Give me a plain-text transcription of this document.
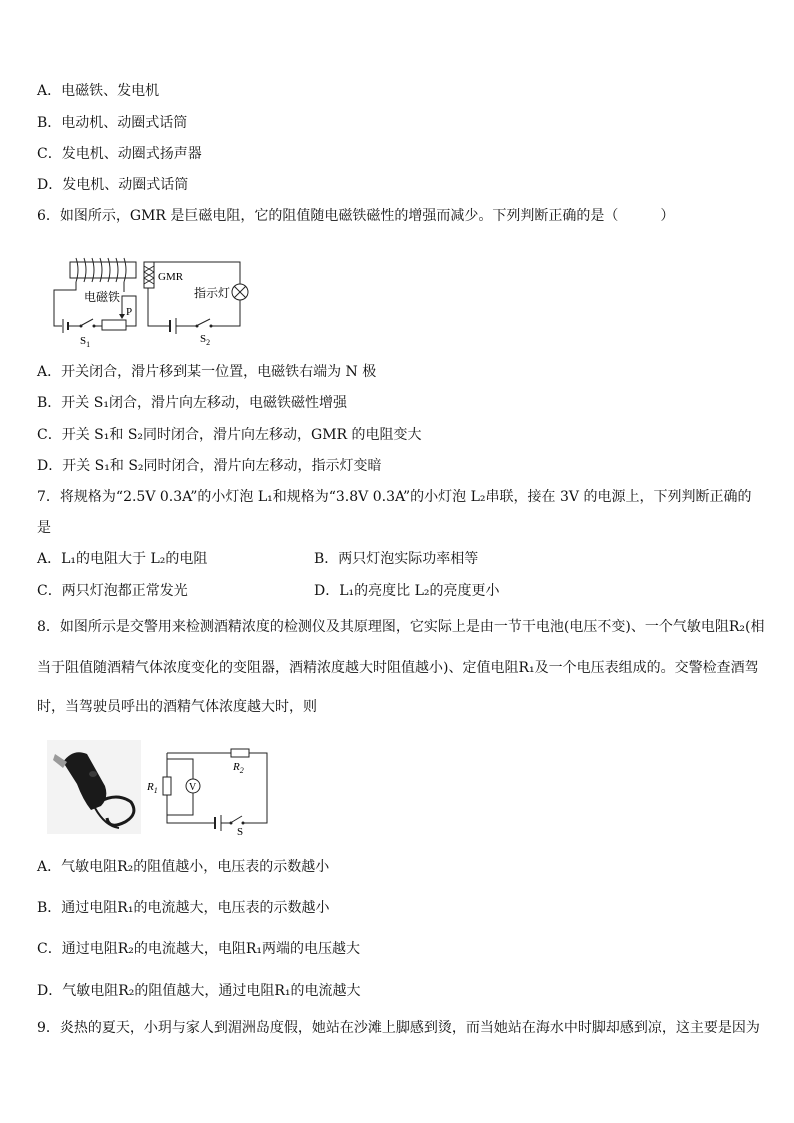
A．电磁铁、发电机
B．电动机、动圈式话筒
C．发电机、动圈式扬声器
D．发电机、动圈式话筒
6．如图所示，GMR 是巨磁电阻，它的阻值随电磁铁磁性的增强而减少。下列判断正确的是（　　　）
P
电磁铁
$S_1$
GMR
指示灯
$S_2$
A．开关闭合，滑片移到某一位置，电磁铁右端为 N 极
B．开关 S₁闭合，滑片向左移动，电磁铁磁性增强
C．开关 S₁和 S₂同时闭合，滑片向左移动，GMR 的电阻变大
D．开关 S₁和 S₂同时闭合，滑片向左移动，指示灯变暗
7．将规格为“2.5V 0.3A”的小灯泡 L₁和规格为“3.8V 0.3A”的小灯泡 L₂串联，接在 3V 的电源上，下列判断正确的
是
A．L₁的电阻大于 L₂的电阻	B．两只灯泡实际功率相等
C．两只灯泡都正常发光	D．L₁的亮度比 L₂的亮度更小
8．如图所示是交警用来检测酒精浓度的检测仪及其原理图，它实际上是由一节干电池(电压不变)、一个气敏电阻R₂(相
当于阻值随酒精气体浓度变化的变阻器，酒精浓度越大时阻值越小)、定值电阻R₁及一个电压表组成的。交警检查酒驾
时，当驾驶员呼出的酒精气体浓度越大时，则
$R_2$
$R_1$	V
S
A．气敏电阻R₂的阻值越小，电压表的示数越小
B．通过电阻R₁的电流越大，电压表的示数越小
C．通过电阻R₂的电流越大，电阻R₁两端的电压越大
D．气敏电阻R₂的阻值越大，通过电阻R₁的电流越大
9．炎热的夏天，小玥与家人到湄洲岛度假，她站在沙滩上脚感到烫，而当她站在海水中时脚却感到凉，这主要是因为
